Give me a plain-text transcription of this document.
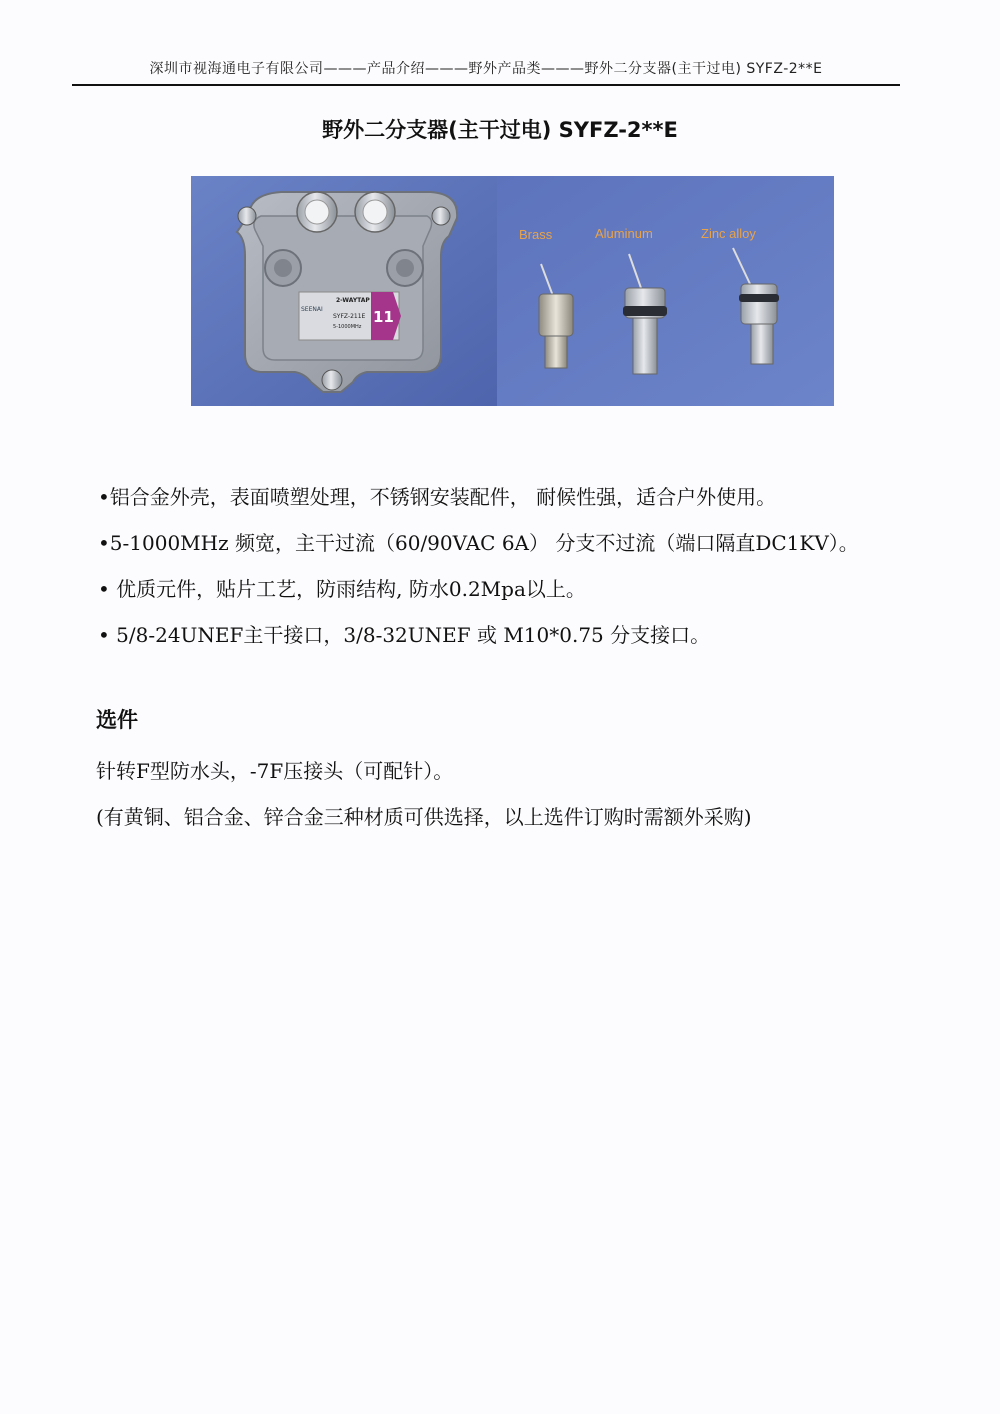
深圳市视海通电子有限公司———产品介绍———野外产品类———野外二分支器(主干过电) SYFZ-2**E
野外二分支器(主干过电) SYFZ-2**E
2-WAYTAP
SEENAI
SYFZ-211E
5-1000MHz
11
Brass	Aluminum	Zinc alloy
•铝合金外壳，表面喷塑处理，不锈钢安装配件， 耐候性强，适合户外使用。
•5-1000MHz 频宽，主干过流（60/90VAC 6A） 分支不过流（端口隔直DC1KV）。
• 优质元件，贴片工艺，防雨结构, 防水0.2Mpa以上。
• 5/8-24UNEF主干接口，3/8-32UNEF 或 M10*0.75 分支接口。
选件
针转F型防水头，-7F压接头（可配针）。
(有黄铜、铝合金、锌合金三种材质可供选择，以上选件订购时需额外采购)
